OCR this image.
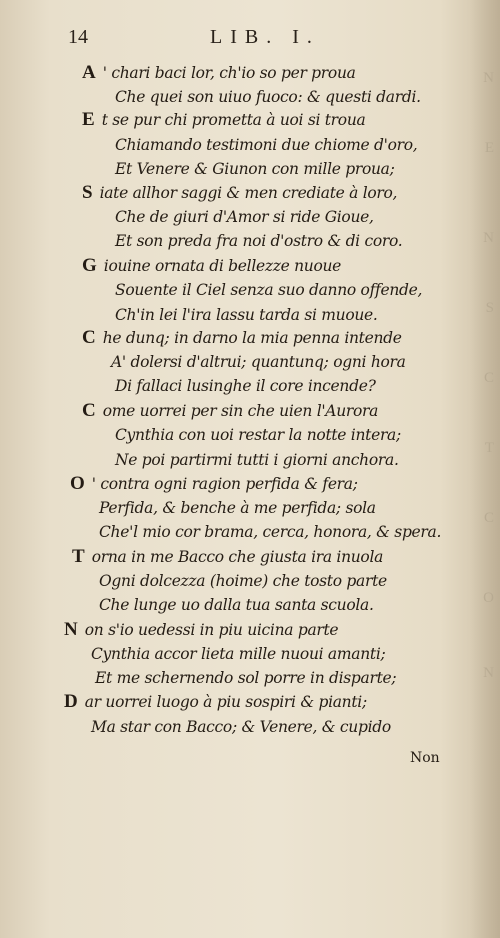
N
E
N
S
C
T
C
O
N
14	LIB. I.
A ' chari baci lor, ch'io so per proua
Che quei son uiuo fuoco: & questi dardi.
E t se pur chi prometta à uoi si troua
Chiamando testimoni due chiome d'oro,
Et Venere & Giunon con mille proua;
S iate allhor saggi & men crediate à loro,
Che de giuri d'Amor si ride Gioue,
Et son preda fra noi d'ostro & di coro.
G iouine ornata di bellezze nuoue
Souente il Ciel senza suo danno offende,
Ch'in lei l'ira lassu tarda si muoue.
C he dunq; in darno la mia penna intende
A' dolersi d'altrui; quantunq; ogni hora
Di fallaci lusinghe il core incende?
C ome uorrei per sin che uien l'Aurora
Cynthia con uoi restar la notte intera;
Ne poi partirmi tutti i giorni anchora.
O ' contra ogni ragion perfida & fera;
Perfida, & benche à me perfida; sola
Che'l mio cor brama, cerca, honora, & spera.
T orna in me Bacco che giusta ira inuola
Ogni dolcezza (hoime) che tosto parte
Che lunge uo dalla tua santa scuola.
N on s'io uedessi in piu uicina parte
Cynthia accor lieta mille nuoui amanti;
Et me schernendo sol porre in disparte;
D ar uorrei luogo à piu sospiri & pianti;
Ma star con Bacco; & Venere, & cupido
Non
